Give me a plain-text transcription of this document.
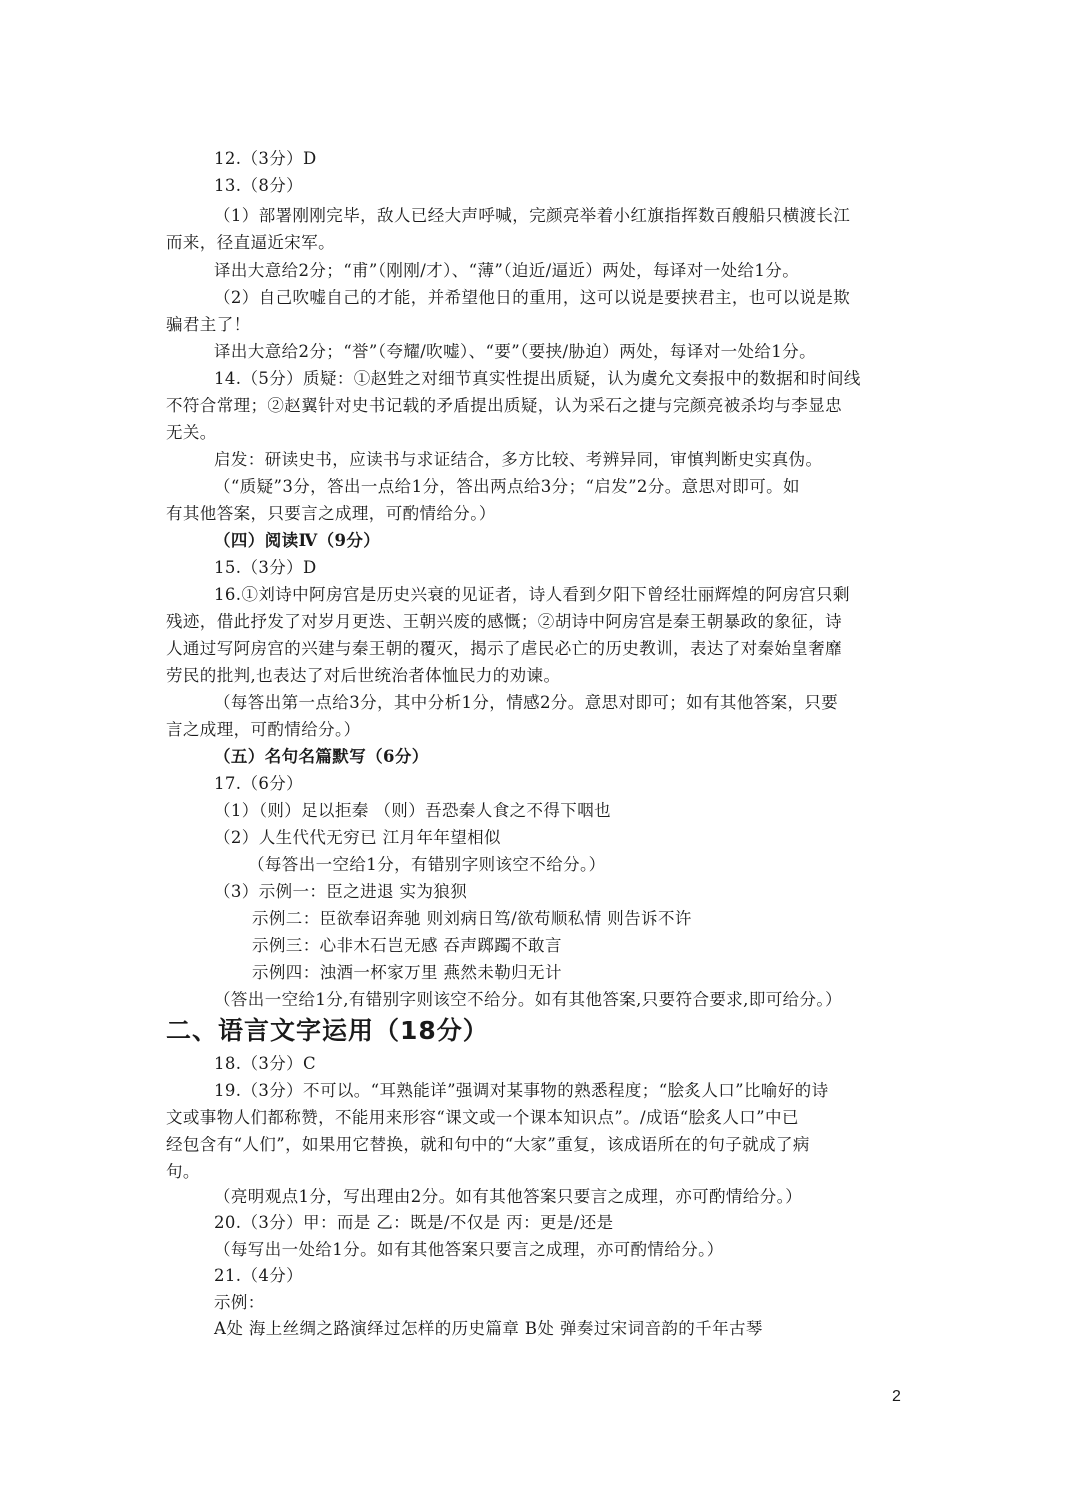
12.（3分）D
13.（8分）
（1）部署刚刚完毕，敌人已经大声呼喊，完颜亮举着小红旗指挥数百艘船只横渡长江
而来，径直逼近宋军。
译出大意给2分；“甫”（刚刚/才）、“薄”（迫近/逼近）两处，每译对一处给1分。
（2）自己吹嘘自己的才能，并希望他日的重用，这可以说是要挟君主，也可以说是欺
骗君主了！
译出大意给2分；“誉”（夸耀/吹嘘）、“要”（要挟/胁迫）两处，每译对一处给1分。
14.（5分）质疑：①赵甡之对细节真实性提出质疑，认为虞允文奏报中的数据和时间线
不符合常理；②赵翼针对史书记载的矛盾提出质疑，认为采石之捷与完颜亮被杀均与李显忠
无关。
启发：研读史书，应读书与求证结合，多方比较、考辨异同，审慎判断史实真伪。
（“质疑”3分，答出一点给1分，答出两点给3分；“启发”2分。意思对即可。如
有其他答案，只要言之成理，可酌情给分。）
（四）阅读Ⅳ（9分）
15.（3分）D
16.①刘诗中阿房宫是历史兴衰的见证者，诗人看到夕阳下曾经壮丽辉煌的阿房宫只剩
残迹，借此抒发了对岁月更迭、王朝兴废的感慨；②胡诗中阿房宫是秦王朝暴政的象征，诗
人通过写阿房宫的兴建与秦王朝的覆灭，揭示了虐民必亡的历史教训，表达了对秦始皇奢靡
劳民的批判,也表达了对后世统治者体恤民力的劝谏。
（每答出第一点给3分，其中分析1分，情感2分。意思对即可；如有其他答案，只要
言之成理，可酌情给分。）
（五）名句名篇默写（6分）
17.（6分）
（1）（则）足以拒秦 （则）吾恐秦人食之不得下咽也
（2）人生代代无穷已 江月年年望相似
（每答出一空给1分，有错别字则该空不给分。）
（3）示例一：臣之进退 实为狼狈
示例二：臣欲奉诏奔驰 则刘病日笃/欲苟顺私情 则告诉不许
示例三：心非木石岂无感 吞声踯躅不敢言
示例四：浊酒一杯家万里 燕然未勒归无计
（答出一空给1分,有错别字则该空不给分。如有其他答案,只要符合要求,即可给分。）
二、语言文字运用（18分）
18.（3分）C
19.（3分）不可以。“耳熟能详”强调对某事物的熟悉程度；“脍炙人口”比喻好的诗
文或事物人们都称赞，不能用来形容“课文或一个课本知识点”。/成语“脍炙人口”中已
经包含有“人们”，如果用它替换，就和句中的“大家”重复，该成语所在的句子就成了病
句。
（亮明观点1分，写出理由2分。如有其他答案只要言之成理，亦可酌情给分。）
20.（3分）甲：而是 乙：既是/不仅是 丙：更是/还是
（每写出一处给1分。如有其他答案只要言之成理，亦可酌情给分。）
21.（4分）
示例：
A处 海上丝绸之路演绎过怎样的历史篇章 B处 弹奏过宋词音韵的千年古琴
2
